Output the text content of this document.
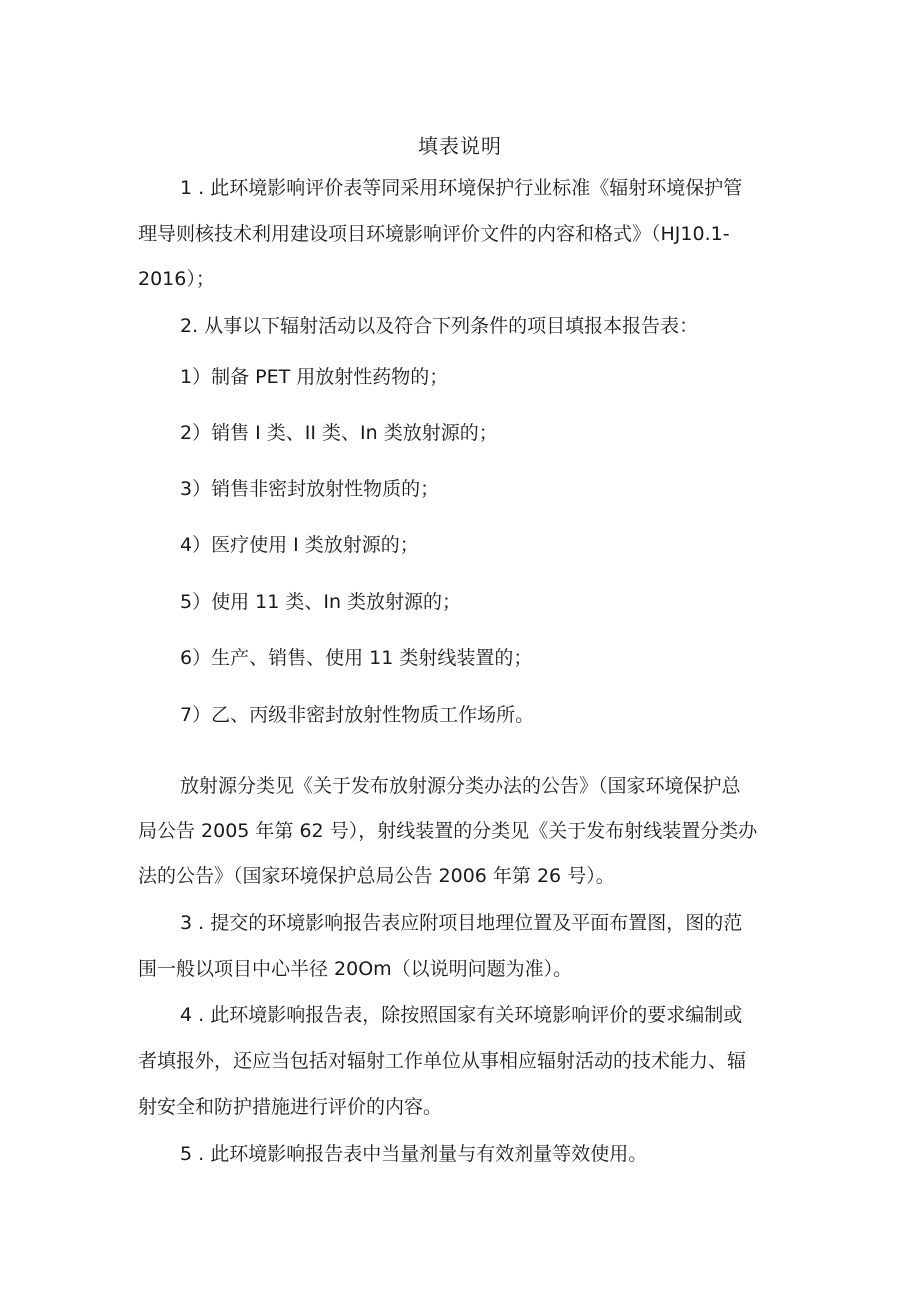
填表说明
1 . 此环境影响评价表等同采用环境保护行业标准《辐射环境保护管
理导则核技术利用建设项目环境影响评价文件的内容和格式》（HJ10.1-
2016）；
2. 从事以下辐射活动以及符合下列条件的项目填报本报告表：
1）制备 PET 用放射性药物的；
2）销售 I 类、II 类、In 类放射源的；
3）销售非密封放射性物质的；
4）医疗使用 I 类放射源的；
5）使用 11 类、In 类放射源的；
6）生产、销售、使用 11 类射线装置的；
7）乙、丙级非密封放射性物质工作场所。
放射源分类见《关于发布放射源分类办法的公告》（国家环境保护总
局公告 2005 年第 62 号），射线装置的分类见《关于发布射线装置分类办
法的公告》（国家环境保护总局公告 2006 年第 26 号）。
3 . 提交的环境影响报告表应附项目地理位置及平面布置图，图的范
围一般以项目中心半径 20Om（以说明问题为准）。
4 . 此环境影响报告表，除按照国家有关环境影响评价的要求编制或
者填报外，还应当包括对辐射工作单位从事相应辐射活动的技术能力、辐
射安全和防护措施进行评价的内容。
5 . 此环境影响报告表中当量剂量与有效剂量等效使用。
